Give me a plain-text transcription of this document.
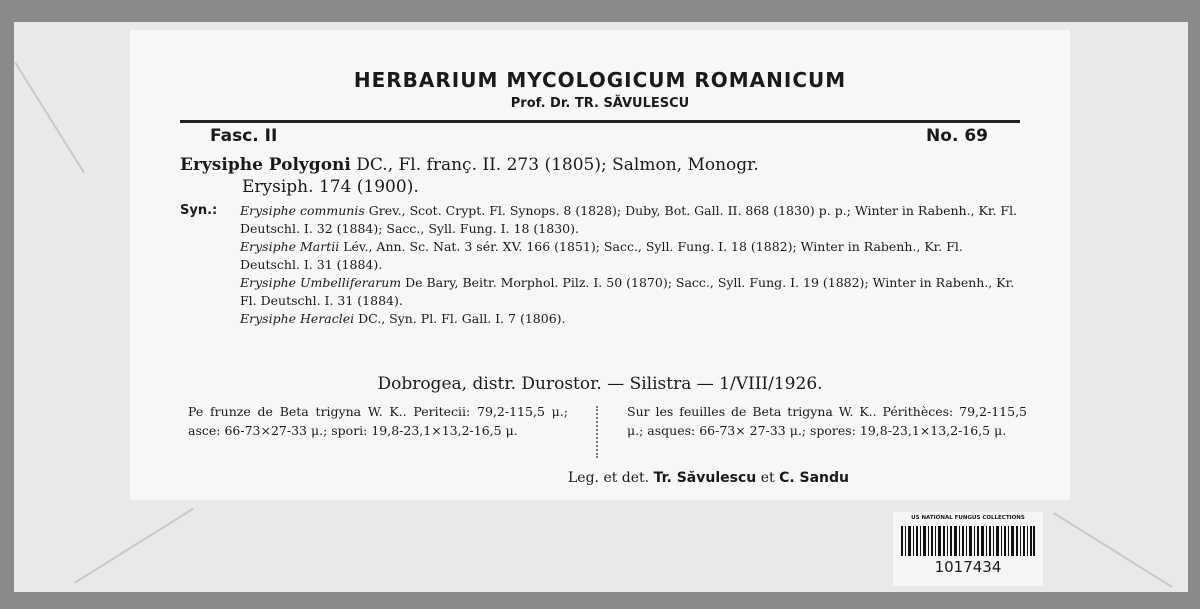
HERBARIUM MYCOLOGICUM ROMANICUM
Prof. Dr. TR. SĂVULESCU
Fasc. II	No. 69
Erysiphe Polygoni DC., Fl. franç. II. 273 (1805); Salmon, Monogr.
Erysiph. 174 (1900).
Syn.: Erysiphe communis Grev., Scot. Crypt. Fl. Synops. 8 (1828); Duby, Bot. Gall. II. 868 (1830) p. p.; Winter in Rabenh., Kr. Fl. Deutschl. I. 32 (1884); Sacc., Syll. Fung. I. 18 (1830).

Erysiphe Martii Lév., Ann. Sc. Nat. 3 sér. XV. 166 (1851); Sacc., Syll. Fung. I. 18 (1882); Winter in Rabenh., Kr. Fl. Deutschl. I. 31 (1884).

Erysiphe Umbelliferarum De Bary, Beitr. Morphol. Pilz. I. 50 (1870); Sacc., Syll. Fung. I. 19 (1882); Winter in Rabenh., Kr. Fl. Deutschl. I. 31 (1884).

Erysiphe Heraclei DC., Syn. Pl. Fl. Gall. I. 7 (1806).

Dobrogea, distr. Durostor. — Silistra — 1/VIII/1926.
Pe frunze de Beta trigyna W. K.. Peritecii: 79,2-115,5 μ.; asce: 66-73×27-33 μ.; spori: 19,8-23,1×13,2-16,5 μ.
Sur les feuilles de Beta trigyna W. K.. Périthèces: 79,2-115,5 μ.; asques: 66-73× 27-33 μ.; spores: 19,8-23,1×13,2-16,5 μ.
Leg. et det. Tr. Săvulescu et C. Sandu
US NATIONAL FUNGUS COLLECTIONS
1017434
